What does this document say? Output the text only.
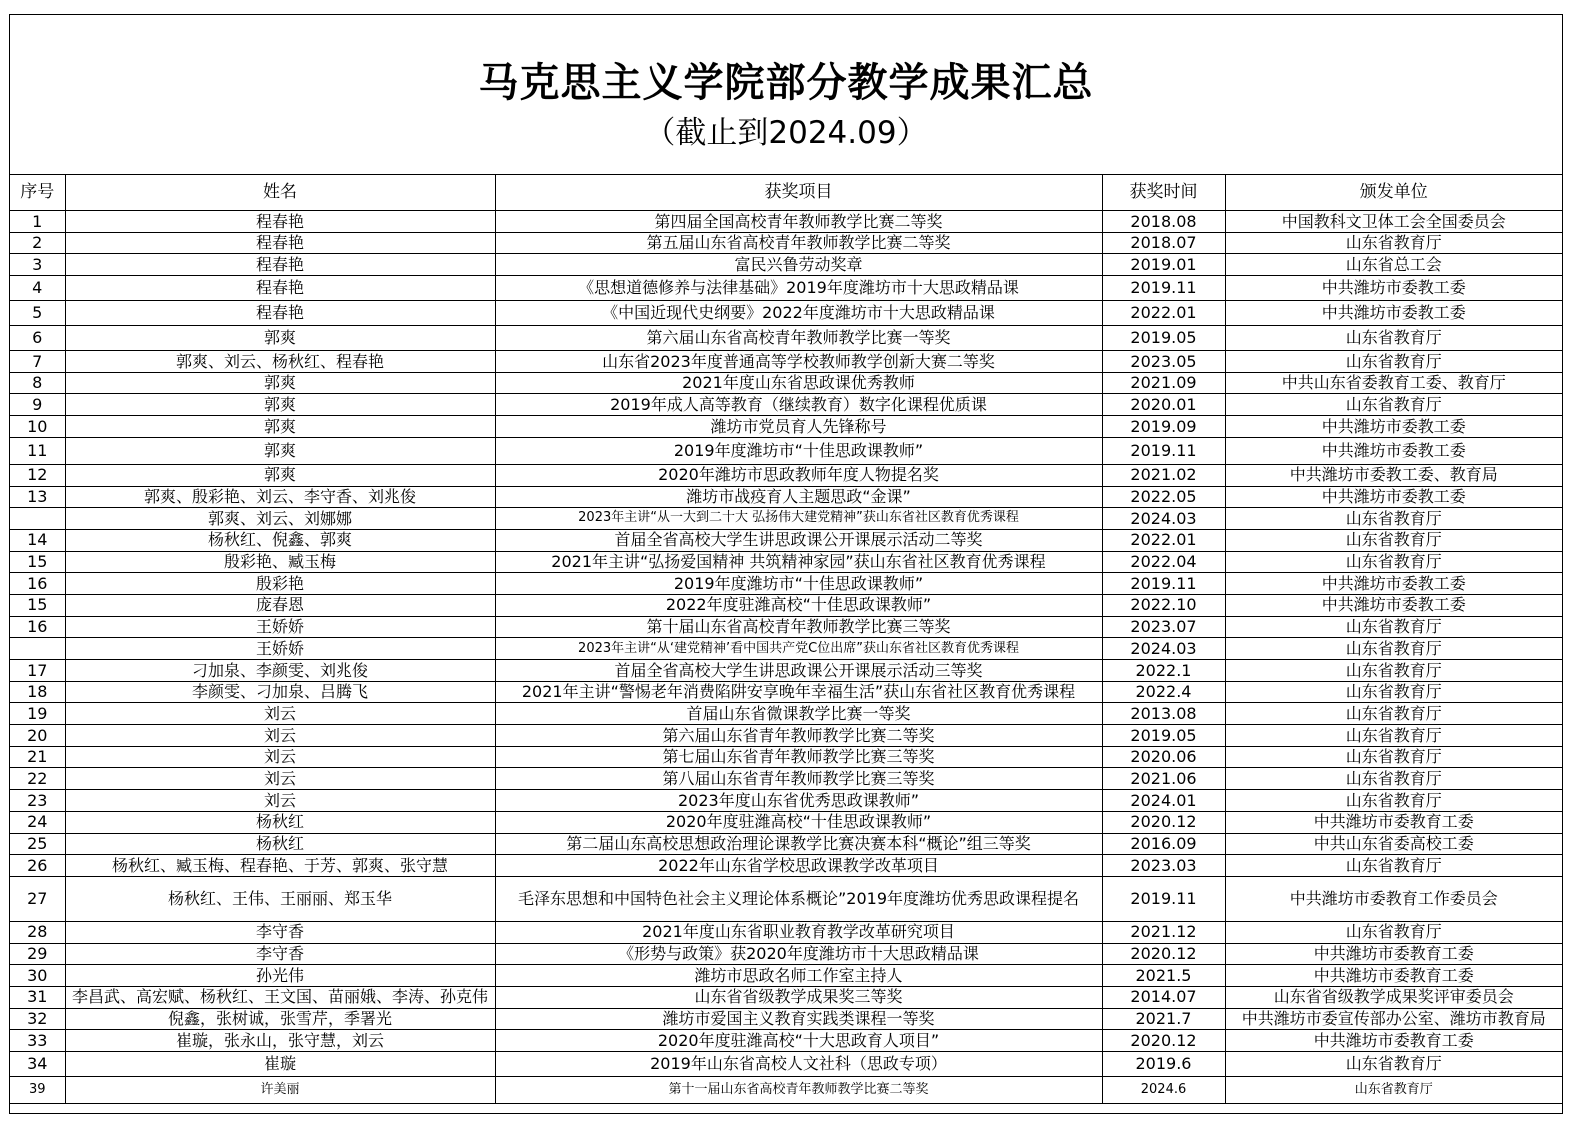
马克思主义学院部分教学成果汇总
（截止到2024.09）
序号	姓名	获奖项目	获奖时间	颁发单位
1	程春艳	第四届全国高校青年教师教学比赛二等奖	2018.08	中国教科文卫体工会全国委员会
2	程春艳	第五届山东省高校青年教师教学比赛二等奖	2018.07	山东省教育厅
3	程春艳	富民兴鲁劳动奖章	2019.01	山东省总工会
4	程春艳	《思想道德修养与法律基础》2019年度潍坊市十大思政精品课	2019.11	中共潍坊市委教工委
5	程春艳	《中国近现代史纲要》2022年度潍坊市十大思政精品课	2022.01	中共潍坊市委教工委
6	郭爽	第六届山东省高校青年教师教学比赛一等奖	2019.05	山东省教育厅
7	郭爽、刘云、杨秋红、程春艳	山东省2023年度普通高等学校教师教学创新大赛二等奖	2023.05	山东省教育厅
8	郭爽	2021年度山东省思政课优秀教师	2021.09	中共山东省委教育工委、教育厅
9	郭爽	2019年成人高等教育（继续教育）数字化课程优质课	2020.01	山东省教育厅
10	郭爽	潍坊市党员育人先锋称号	2019.09	中共潍坊市委教工委
11	郭爽	2019年度潍坊市“十佳思政课教师”	2019.11	中共潍坊市委教工委
12	郭爽	2020年潍坊市思政教师年度人物提名奖	2021.02	中共潍坊市委教工委、教育局
13	郭爽、殷彩艳、刘云、李守香、刘兆俊	潍坊市战疫育人主题思政“金课”	2022.05	中共潍坊市委教工委
	郭爽、刘云、刘娜娜	2023年主讲“从一大到二十大 弘扬伟大建党精神”获山东省社区教育优秀课程	2024.03	山东省教育厅
14	杨秋红、倪鑫、郭爽	首届全省高校大学生讲思政课公开课展示活动二等奖	2022.01	山东省教育厅
15	殷彩艳、臧玉梅	2021年主讲“弘扬爱国精神 共筑精神家园”获山东省社区教育优秀课程	2022.04	山东省教育厅
16	殷彩艳	2019年度潍坊市“十佳思政课教师”	2019.11	中共潍坊市委教工委
15	庞春恩	2022年度驻潍高校“十佳思政课教师”	2022.10	中共潍坊市委教工委
16	王娇娇	第十届山东省高校青年教师教学比赛三等奖	2023.07	山东省教育厅
	王娇娇	2023年主讲“从‘建党精神’看中国共产党C位出席”获山东省社区教育优秀课程	2024.03	山东省教育厅
17	刁加泉、李颜雯、刘兆俊	首届全省高校大学生讲思政课公开课展示活动三等奖	2022.1	山东省教育厅
18	李颜雯、刁加泉、吕腾飞	2021年主讲“警惕老年消费陷阱安享晚年幸福生活”获山东省社区教育优秀课程	2022.4	山东省教育厅
19	刘云	首届山东省微课教学比赛一等奖	2013.08	山东省教育厅
20	刘云	第六届山东省青年教师教学比赛二等奖	2019.05	山东省教育厅
21	刘云	第七届山东省青年教师教学比赛三等奖	2020.06	山东省教育厅
22	刘云	第八届山东省青年教师教学比赛三等奖	2021.06	山东省教育厅
23	刘云	2023年度山东省优秀思政课教师”	2024.01	山东省教育厅
24	杨秋红	2020年度驻潍高校“十佳思政课教师”	2020.12	中共潍坊市委教育工委
25	杨秋红	第二届山东高校思想政治理论课教学比赛决赛本科“概论”组三等奖	2016.09	中共山东省委高校工委
26	杨秋红、臧玉梅、程春艳、于芳、郭爽、张守慧	2022年山东省学校思政课教学改革项目	2023.03	山东省教育厅
27	杨秋红、王伟、王丽丽、郑玉华	毛泽东思想和中国特色社会主义理论体系概论”2019年度潍坊优秀思政课程提名	2019.11	中共潍坊市委教育工作委员会
28	李守香	2021年度山东省职业教育教学改革研究项目	2021.12	山东省教育厅
29	李守香	《形势与政策》获2020年度潍坊市十大思政精品课	2020.12	中共潍坊市委教育工委
30	孙光伟	潍坊市思政名师工作室主持人	2021.5	中共潍坊市委教育工委
31	李昌武、高宏赋、杨秋红、王文国、苗丽娥、李涛、孙克伟	山东省省级教学成果奖三等奖	2014.07	山东省省级教学成果奖评审委员会
32	倪鑫，张树诚，张雪芹，季署光	潍坊市爱国主义教育实践类课程一等奖	2021.7	中共潍坊市委宣传部办公室、潍坊市教育局
33	崔璇，张永山，张守慧，刘云	2020年度驻潍高校“十大思政育人项目”	2020.12	中共潍坊市委教育工委
34	崔璇	2019年山东省高校人文社科（思政专项）	2019.6	山东省教育厅
39	许美丽	第十一届山东省高校青年教师教学比赛二等奖	2024.6	山东省教育厅
